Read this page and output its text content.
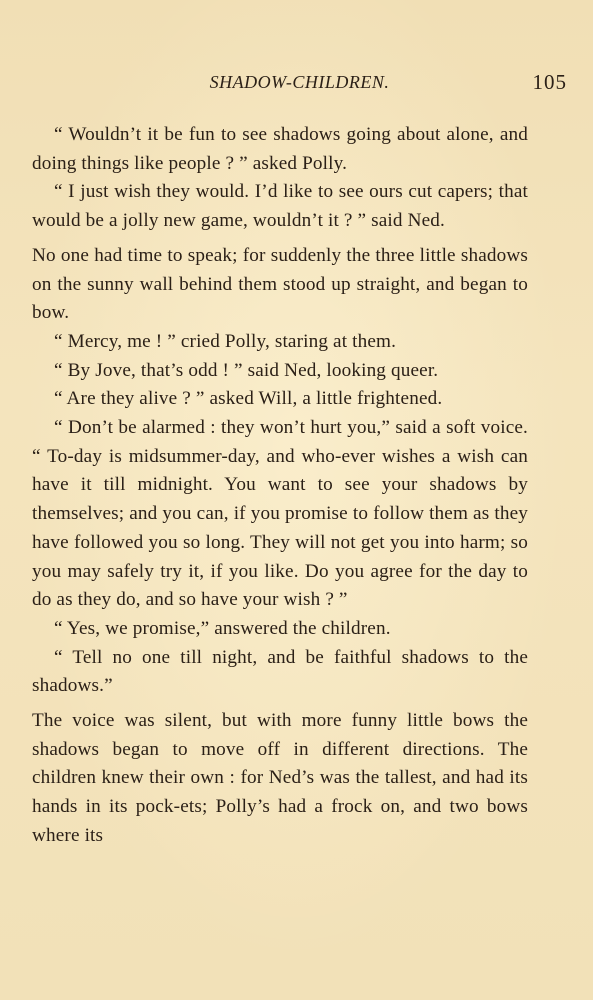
SHADOW-CHILDREN.	105

“ Wouldn’t it be fun to see shadows going about alone, and doing things like people ? ” asked Polly.

“ I just wish they would. I’d like to see ours cut capers; that would be a jolly new game, wouldn’t it ? ” said Ned.

No one had time to speak; for suddenly the three little shadows on the sunny wall behind them stood up straight, and began to bow.

“ Mercy, me ! ” cried Polly, staring at them.

“ By Jove, that’s odd ! ” said Ned, looking queer.

“ Are they alive ? ” asked Will, a little frightened.

“ Don’t be alarmed : they won’t hurt you,” said a soft voice. “ To-day is midsummer-day, and who-ever wishes a wish can have it till midnight. You want to see your shadows by themselves; and you can, if you promise to follow them as they have followed you so long. They will not get you into harm; so you may safely try it, if you like. Do you agree for the day to do as they do, and so have your wish ? ”

“ Yes, we promise,” answered the children.

“ Tell no one till night, and be faithful shadows to the shadows.”

The voice was silent, but with more funny little bows the shadows began to move off in different directions. The children knew their own : for Ned’s was the tallest, and had its hands in its pock-ets; Polly’s had a frock on, and two bows where its
